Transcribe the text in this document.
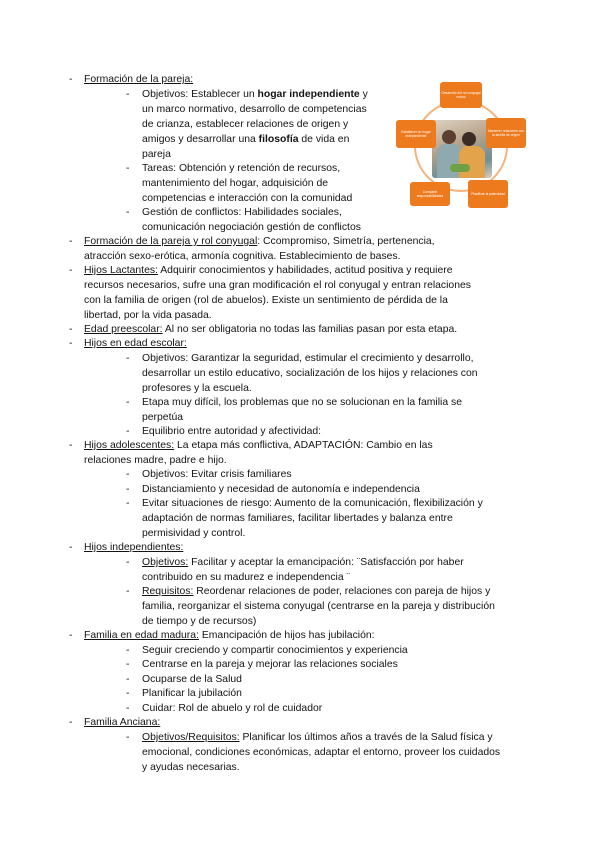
- Formación de la pareja:
- Objetivos: Establecer un hogar independiente y
un marco normativo, desarrollo de competencias
de crianza, establecer relaciones de origen y
amigos y desarrollar una filosofía de vida en
pareja
- Tareas: Obtención y retención de recursos,
mantenimiento del hogar, adquisición de
competencias e interacción con la comunidad
- Gestión de conflictos: Habilidades sociales,
comunicación negociación gestión de conflictos
Desarrollo del rol conyugal mutuo
Mantener relaciones con la familia de origen
Planificar la paternidad
Compartir responsabilidades
Establecer un hogar independiente
- Formación de la pareja y rol conyugal: Ccompromiso, Simetría, pertenencia,
atracción sexo-erótica, armonía cognitiva. Establecimiento de bases.
- Hijos Lactantes: Adquirir conocimientos y habilidades, actitud positiva y requiere
recursos necesarios, sufre una gran modificación el rol conyugal y entran relaciones
con la familia de origen (rol de abuelos). Existe un sentimiento de pérdida de la
libertad, por la vida pasada.
- Edad preescolar: Al no ser obligatoria no todas las familias pasan por esta etapa.
- Hijos en edad escolar:
- Objetivos: Garantizar la seguridad, estimular el crecimiento y desarrollo,
desarrollar un estilo educativo, socialización de los hijos y relaciones con
profesores y la escuela.
- Etapa muy difícil, los problemas que no se solucionan en la familia se
perpetúa
- Equilibrio entre autoridad y afectividad:
- Hijos adolescentes: La etapa más conflictiva, ADAPTACIÓN: Cambio en las
relaciones madre, padre e hijo.
- Objetivos: Evitar crisis familiares
- Distanciamiento y necesidad de autonomía e independencia
- Evitar situaciones de riesgo: Aumento de la comunicación, flexibilización y
adaptación de normas familiares, facilitar libertades y balanza entre
permisividad y control.
- Hijos independientes:
- Objetivos: Facilitar y aceptar la emancipación: ¨Satisfacción por haber
contribuido en su madurez e independencia ¨
- Requisitos: Reordenar relaciones de poder, relaciones con pareja de hijos y
familia, reorganizar el sistema conyugal (centrarse en la pareja y distribución
de tiempo y de recursos)
- Familia en edad madura: Emancipación de hijos has jubilación:
- Seguir creciendo y compartir conocimientos y experiencia
- Centrarse en la pareja y mejorar las relaciones sociales
- Ocuparse de la Salud
- Planificar la jubilación
- Cuidar: Rol de abuelo y rol de cuidador
- Familia Anciana:
- Objetivos/Requisitos: Planificar los últimos años a través de la Salud física y
emocional, condiciones económicas, adaptar el entorno, proveer los cuidados
y ayudas necesarias.
